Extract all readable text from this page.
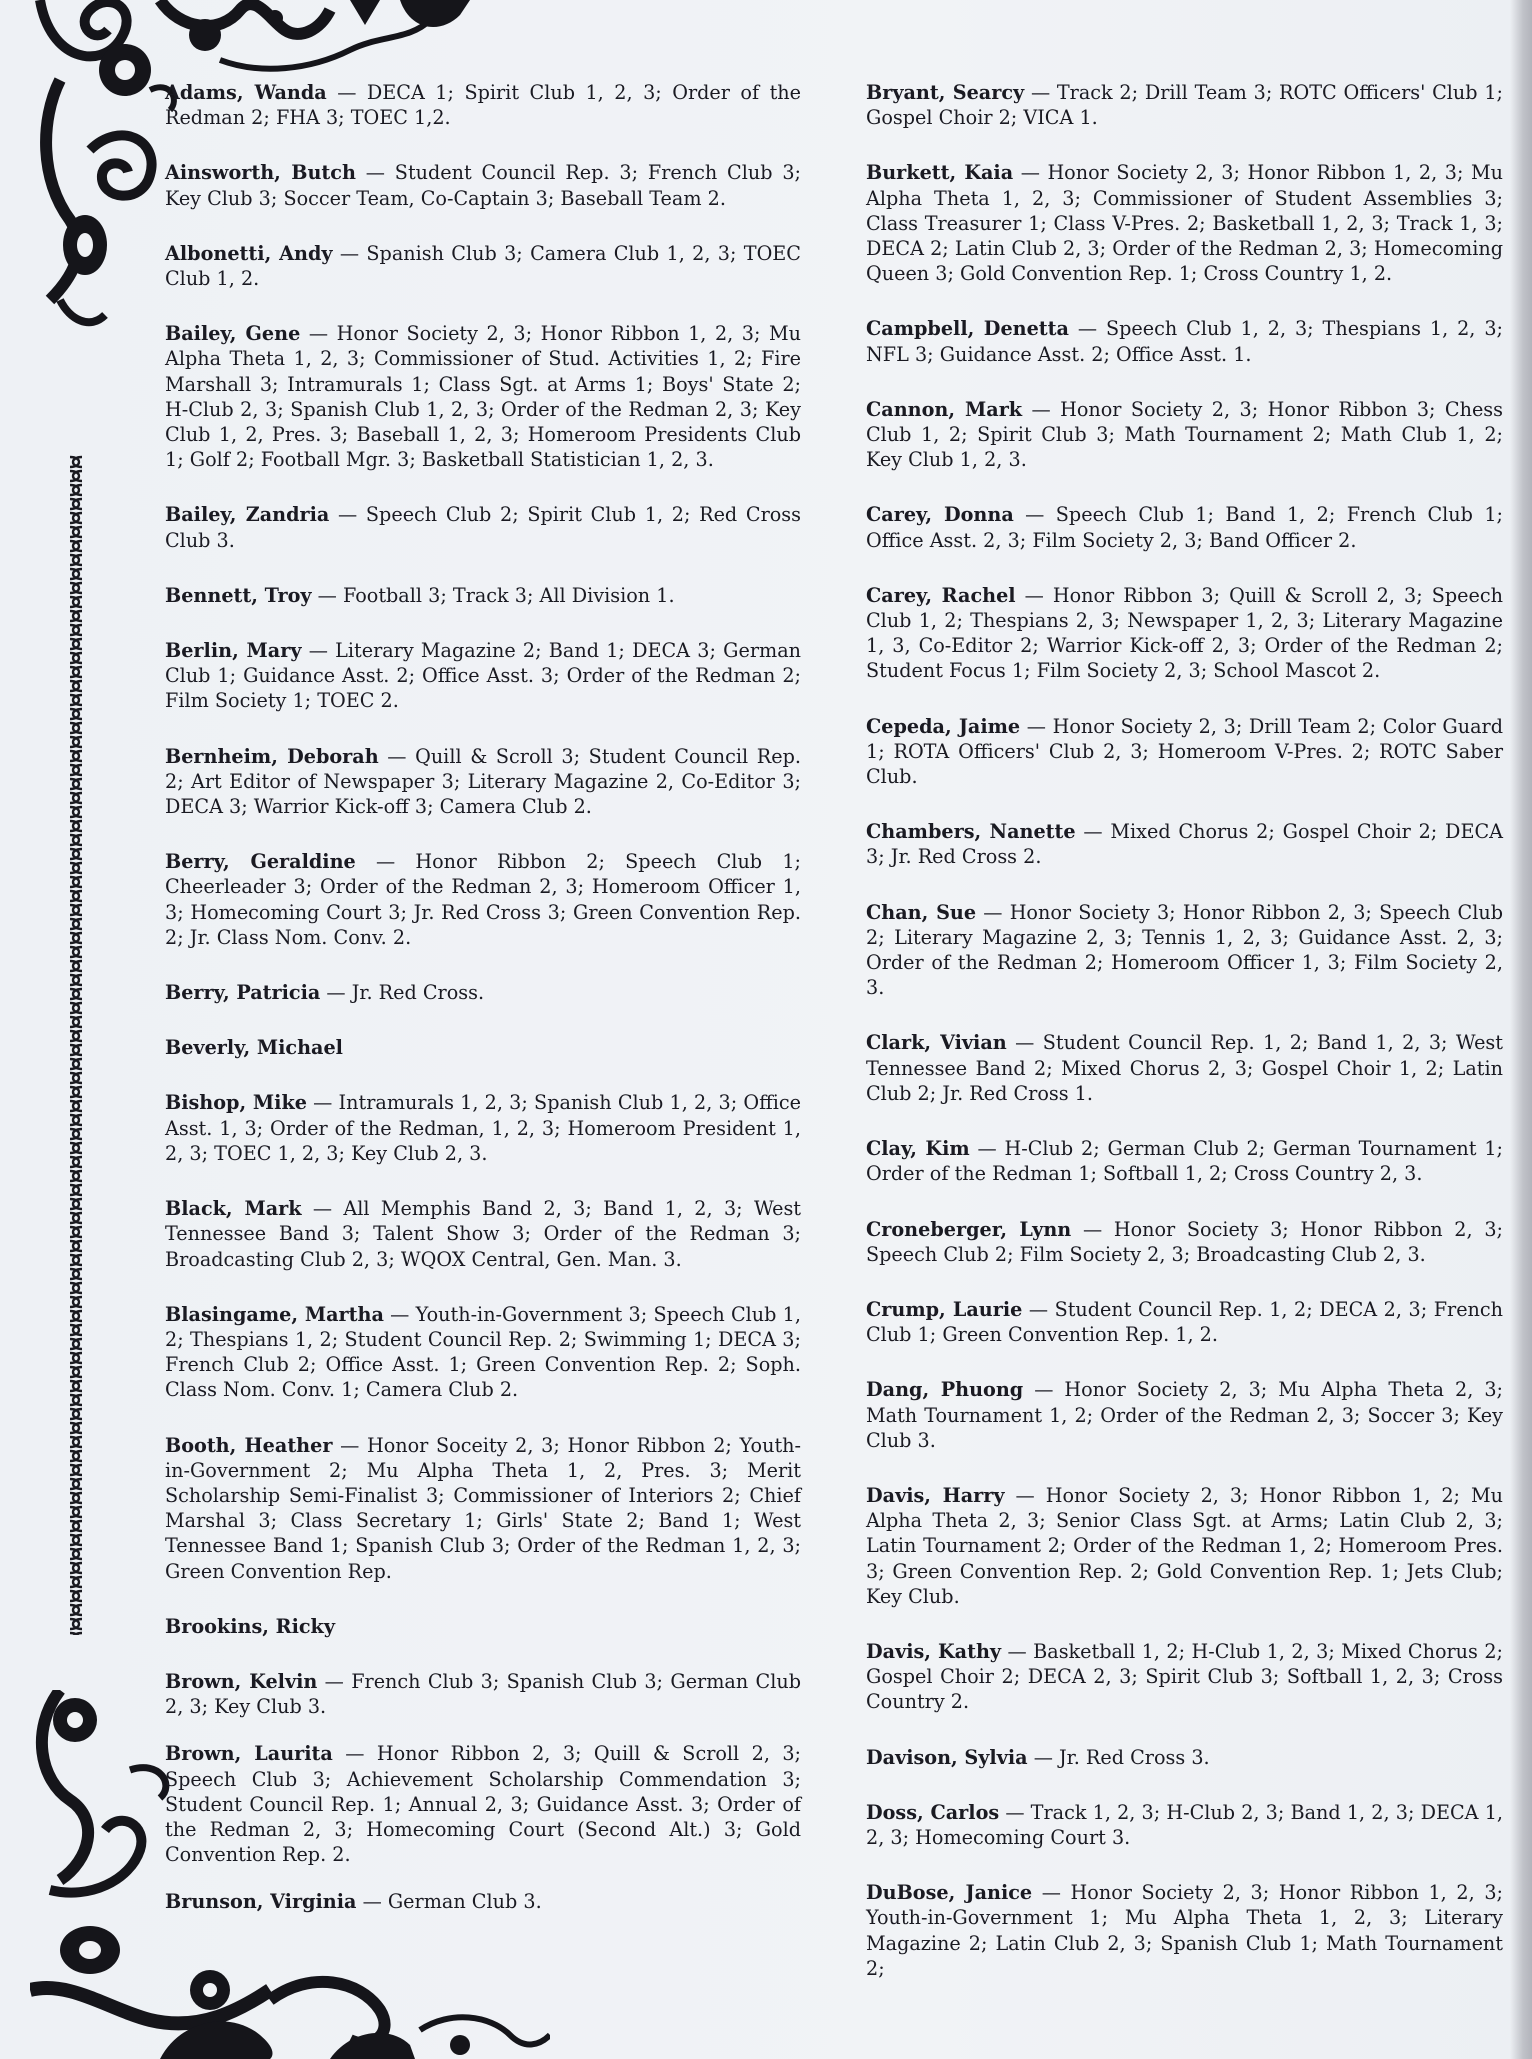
Adams, Wanda — DECA 1; Spirit Club 1, 2, 3; Order of the Redman 2; FHA 3; TOEC 1,2.

Ainsworth, Butch — Student Council Rep. 3; French Club 3; Key Club 3; Soccer Team, Co-Captain 3; Baseball Team 2.

Albonetti, Andy — Spanish Club 3; Camera Club 1, 2, 3; TOEC Club 1, 2.

Bailey, Gene — Honor Society 2, 3; Honor Ribbon 1, 2, 3; Mu Alpha Theta 1, 2, 3; Commissioner of Stud. Activities 1, 2; Fire Marshall 3; Intramurals 1; Class Sgt. at Arms 1; Boys' State 2; H-Club 2, 3; Spanish Club 1, 2, 3; Order of the Redman 2, 3; Key Club 1, 2, Pres. 3; Baseball 1, 2, 3; Homeroom Presidents Club 1; Golf 2; Football Mgr. 3; Basketball Statistician 1, 2, 3.

Bailey, Zandria — Speech Club 2; Spirit Club 1, 2; Red Cross Club 3.

Bennett, Troy — Football 3; Track 3; All Division 1.

Berlin, Mary — Literary Magazine 2; Band 1; DECA 3; German Club 1; Guidance Asst. 2; Office Asst. 3; Order of the Redman 2; Film Society 1; TOEC 2.

Bernheim, Deborah — Quill & Scroll 3; Student Council Rep. 2; Art Editor of Newspaper 3; Literary Magazine 2, Co-Editor 3; DECA 3; Warrior Kick-off 3; Camera Club 2.

Berry, Geraldine — Honor Ribbon 2; Speech Club 1; Cheerleader 3; Order of the Redman 2, 3; Homeroom Officer 1, 3; Homecoming Court 3; Jr. Red Cross 3; Green Convention Rep. 2; Jr. Class Nom. Conv. 2.

Berry, Patricia — Jr. Red Cross.

Beverly, Michael

Bishop, Mike — Intramurals 1, 2, 3; Spanish Club 1, 2, 3; Office Asst. 1, 3; Order of the Redman, 1, 2, 3; Homeroom President 1, 2, 3; TOEC 1, 2, 3; Key Club 2, 3.

Black, Mark — All Memphis Band 2, 3; Band 1, 2, 3; West Tennessee Band 3; Talent Show 3; Order of the Redman 3; Broadcasting Club 2, 3; WQOX Central, Gen. Man. 3.

Blasingame, Martha — Youth-in-Government 3; Speech Club 1, 2; Thespians 1, 2; Student Council Rep. 2; Swimming 1; DECA 3; French Club 2; Office Asst. 1; Green Convention Rep. 2; Soph. Class Nom. Conv. 1; Camera Club 2.

Booth, Heather — Honor Soceity 2, 3; Honor Ribbon 2; Youth-in-Government 2; Mu Alpha Theta 1, 2, Pres. 3; Merit Scholarship Semi-Finalist 3; Commissioner of Interiors 2; Chief Marshal 3; Class Secretary 1; Girls' State 2; Band 1; West Tennessee Band 1; Spanish Club 3; Order of the Redman 1, 2, 3; Green Convention Rep.

Brookins, Ricky

Brown, Kelvin — French Club 3; Spanish Club 3; German Club 2, 3; Key Club 3.

Brown, Laurita — Honor Ribbon 2, 3; Quill & Scroll 2, 3; Speech Club 3; Achievement Scholarship Commendation 3; Student Council Rep. 1; Annual 2, 3; Guidance Asst. 3; Order of the Redman 2, 3; Homecoming Court (Second Alt.) 3; Gold Convention Rep. 2.

Brunson, Virginia — German Club 3.

Bryant, Searcy — Track 2; Drill Team 3; ROTC Officers' Club 1; Gospel Choir 2; VICA 1.

Burkett, Kaia — Honor Society 2, 3; Honor Ribbon 1, 2, 3; Mu Alpha Theta 1, 2, 3; Commissioner of Student Assemblies 3; Class Treasurer 1; Class V-Pres. 2; Basketball 1, 2, 3; Track 1, 3; DECA 2; Latin Club 2, 3; Order of the Redman 2, 3; Homecoming Queen 3; Gold Convention Rep. 1; Cross Country 1, 2.

Campbell, Denetta — Speech Club 1, 2, 3; Thespians 1, 2, 3; NFL 3; Guidance Asst. 2; Office Asst. 1.

Cannon, Mark — Honor Society 2, 3; Honor Ribbon 3; Chess Club 1, 2; Spirit Club 3; Math Tournament 2; Math Club 1, 2; Key Club 1, 2, 3.

Carey, Donna — Speech Club 1; Band 1, 2; French Club 1; Office Asst. 2, 3; Film Society 2, 3; Band Officer 2.

Carey, Rachel — Honor Ribbon 3; Quill & Scroll 2, 3; Speech Club 1, 2; Thespians 2, 3; Newspaper 1, 2, 3; Literary Magazine 1, 3, Co-Editor 2; Warrior Kick-off 2, 3; Order of the Redman 2; Student Focus 1; Film Society 2, 3; School Mascot 2.

Cepeda, Jaime — Honor Society 2, 3; Drill Team 2; Color Guard 1; ROTA Officers' Club 2, 3; Homeroom V-Pres. 2; ROTC Saber Club.

Chambers, Nanette — Mixed Chorus 2; Gospel Choir 2; DECA 3; Jr. Red Cross 2.

Chan, Sue — Honor Society 3; Honor Ribbon 2, 3; Speech Club 2; Literary Magazine 2, 3; Tennis 1, 2, 3; Guidance Asst. 2, 3; Order of the Redman 2; Homeroom Officer 1, 3; Film Society 2, 3.

Clark, Vivian — Student Council Rep. 1, 2; Band 1, 2, 3; West Tennessee Band 2; Mixed Chorus 2, 3; Gospel Choir 1, 2; Latin Club 2; Jr. Red Cross 1.

Clay, Kim — H-Club 2; German Club 2; German Tournament 1; Order of the Redman 1; Softball 1, 2; Cross Country 2, 3.

Croneberger, Lynn — Honor Society 3; Honor Ribbon 2, 3; Speech Club 2; Film Society 2, 3; Broadcasting Club 2, 3.

Crump, Laurie — Student Council Rep. 1, 2; DECA 2, 3; French Club 1; Green Convention Rep. 1, 2.

Dang, Phuong — Honor Society 2, 3; Mu Alpha Theta 2, 3; Math Tournament 1, 2; Order of the Redman 2, 3; Soccer 3; Key Club 3.

Davis, Harry — Honor Society 2, 3; Honor Ribbon 1, 2; Mu Alpha Theta 2, 3; Senior Class Sgt. at Arms; Latin Club 2, 3; Latin Tournament 2; Order of the Redman 1, 2; Homeroom Pres. 3; Green Convention Rep. 2; Gold Convention Rep. 1; Jets Club; Key Club.

Davis, Kathy — Basketball 1, 2; H-Club 1, 2, 3; Mixed Chorus 2; Gospel Choir 2; DECA 2, 3; Spirit Club 3; Softball 1, 2, 3; Cross Country 2.

Davison, Sylvia — Jr. Red Cross 3.

Doss, Carlos — Track 1, 2, 3; H-Club 2, 3; Band 1, 2, 3; DECA 1, 2, 3; Homecoming Court 3.

DuBose, Janice — Honor Society 2, 3; Honor Ribbon 1, 2, 3; Youth-in-Government 1; Mu Alpha Theta 1, 2, 3; Literary Magazine 2; Latin Club 2, 3; Spanish Club 1; Math Tournament 2;
